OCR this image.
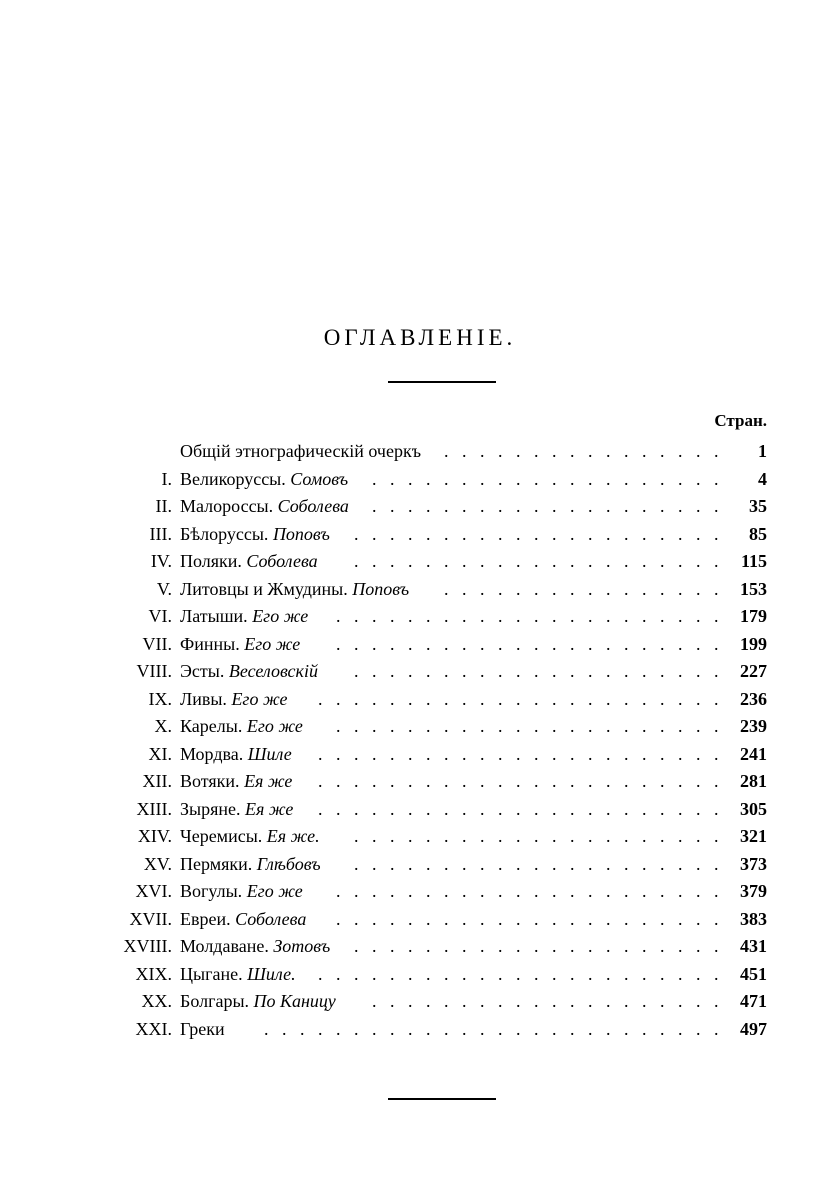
ОГЛАВЛЕНІЕ.
Стран.
Общій этнографическій очеркъ ................ 1
I. Великоруссы. Сомовъ .................... 4
II. Малороссы. Соболева .................... 35
III. Бѣлоруссы. Поповъ ..................... 85
IV. Поляки. Соболева ..................... 115
V. Литовцы и Жмудины. Поповъ ................ 153
VI. Латыши. Его же ...................... 179
VII. Финны. Его же ...................... 199
VIII. Эсты. Веселовскій ..................... 227
IX. Ливы. Его же ....................... 236
X. Карелы. Его же ...................... 239
XI. Мордва. Шиле ....................... 241
XII. Вотяки. Ея же ....................... 281
XIII. Зыряне. Ея же ....................... 305
XIV. Черемисы. Ея же. ..................... 321
XV. Пермяки. Глѣбовъ ..................... 373
XVI. Вогулы. Его же ...................... 379
XVII. Евреи. Соболева ...................... 383
XVIII. Молдаване. Зотовъ ..................... 431
XIX. Цыгане. Шиле. ....................... 451
XX. Болгары. По Каницу .................... 471
XXI. Греки .......................... 497
